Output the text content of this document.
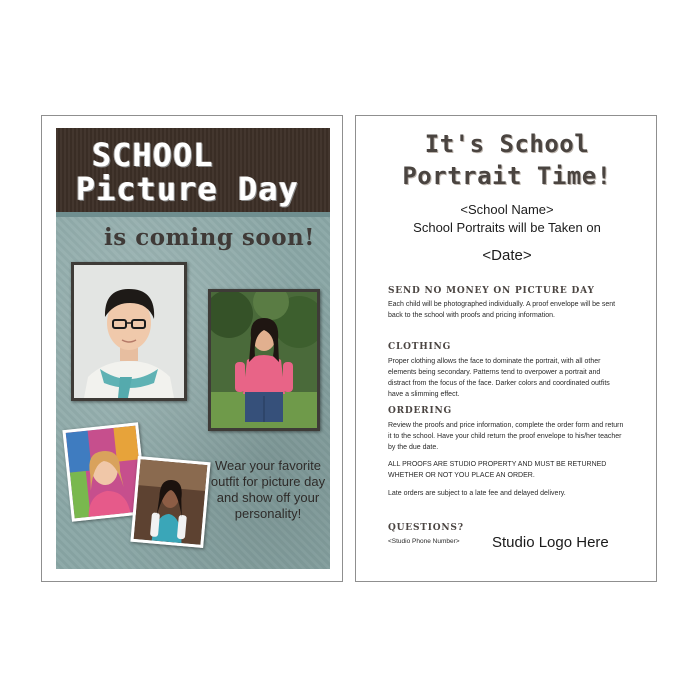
SCHOOL
Picture Day
is coming soon!
Wear your favorite outfit for picture day and show off your personality!
It's School
Portrait Time!
<School Name>
School Portraits will be Taken on
<Date>
SEND NO MONEY ON PICTURE DAY
Each child will be photographed individually. A proof envelope will be sent back to the school with proofs and pricing information.
CLOTHING
Proper clothing allows the face to dominate the portrait, with all other elements being secondary. Patterns tend to overpower a portrait and distract from the focus of the face. Darker colors and coordinated outfits have a slimming effect.
ORDERING
Review the proofs and price information, complete the order form and return it to the school. Have your child return the proof envelope to his/her teacher by the due date.
ALL PROOFS ARE STUDIO PROPERTY AND MUST BE RETURNED WHETHER OR NOT YOU PLACE AN ORDER.
Late orders are subject to a late fee and delayed delivery.
QUESTIONS?
<Studio Phone Number> Studio Logo Here
